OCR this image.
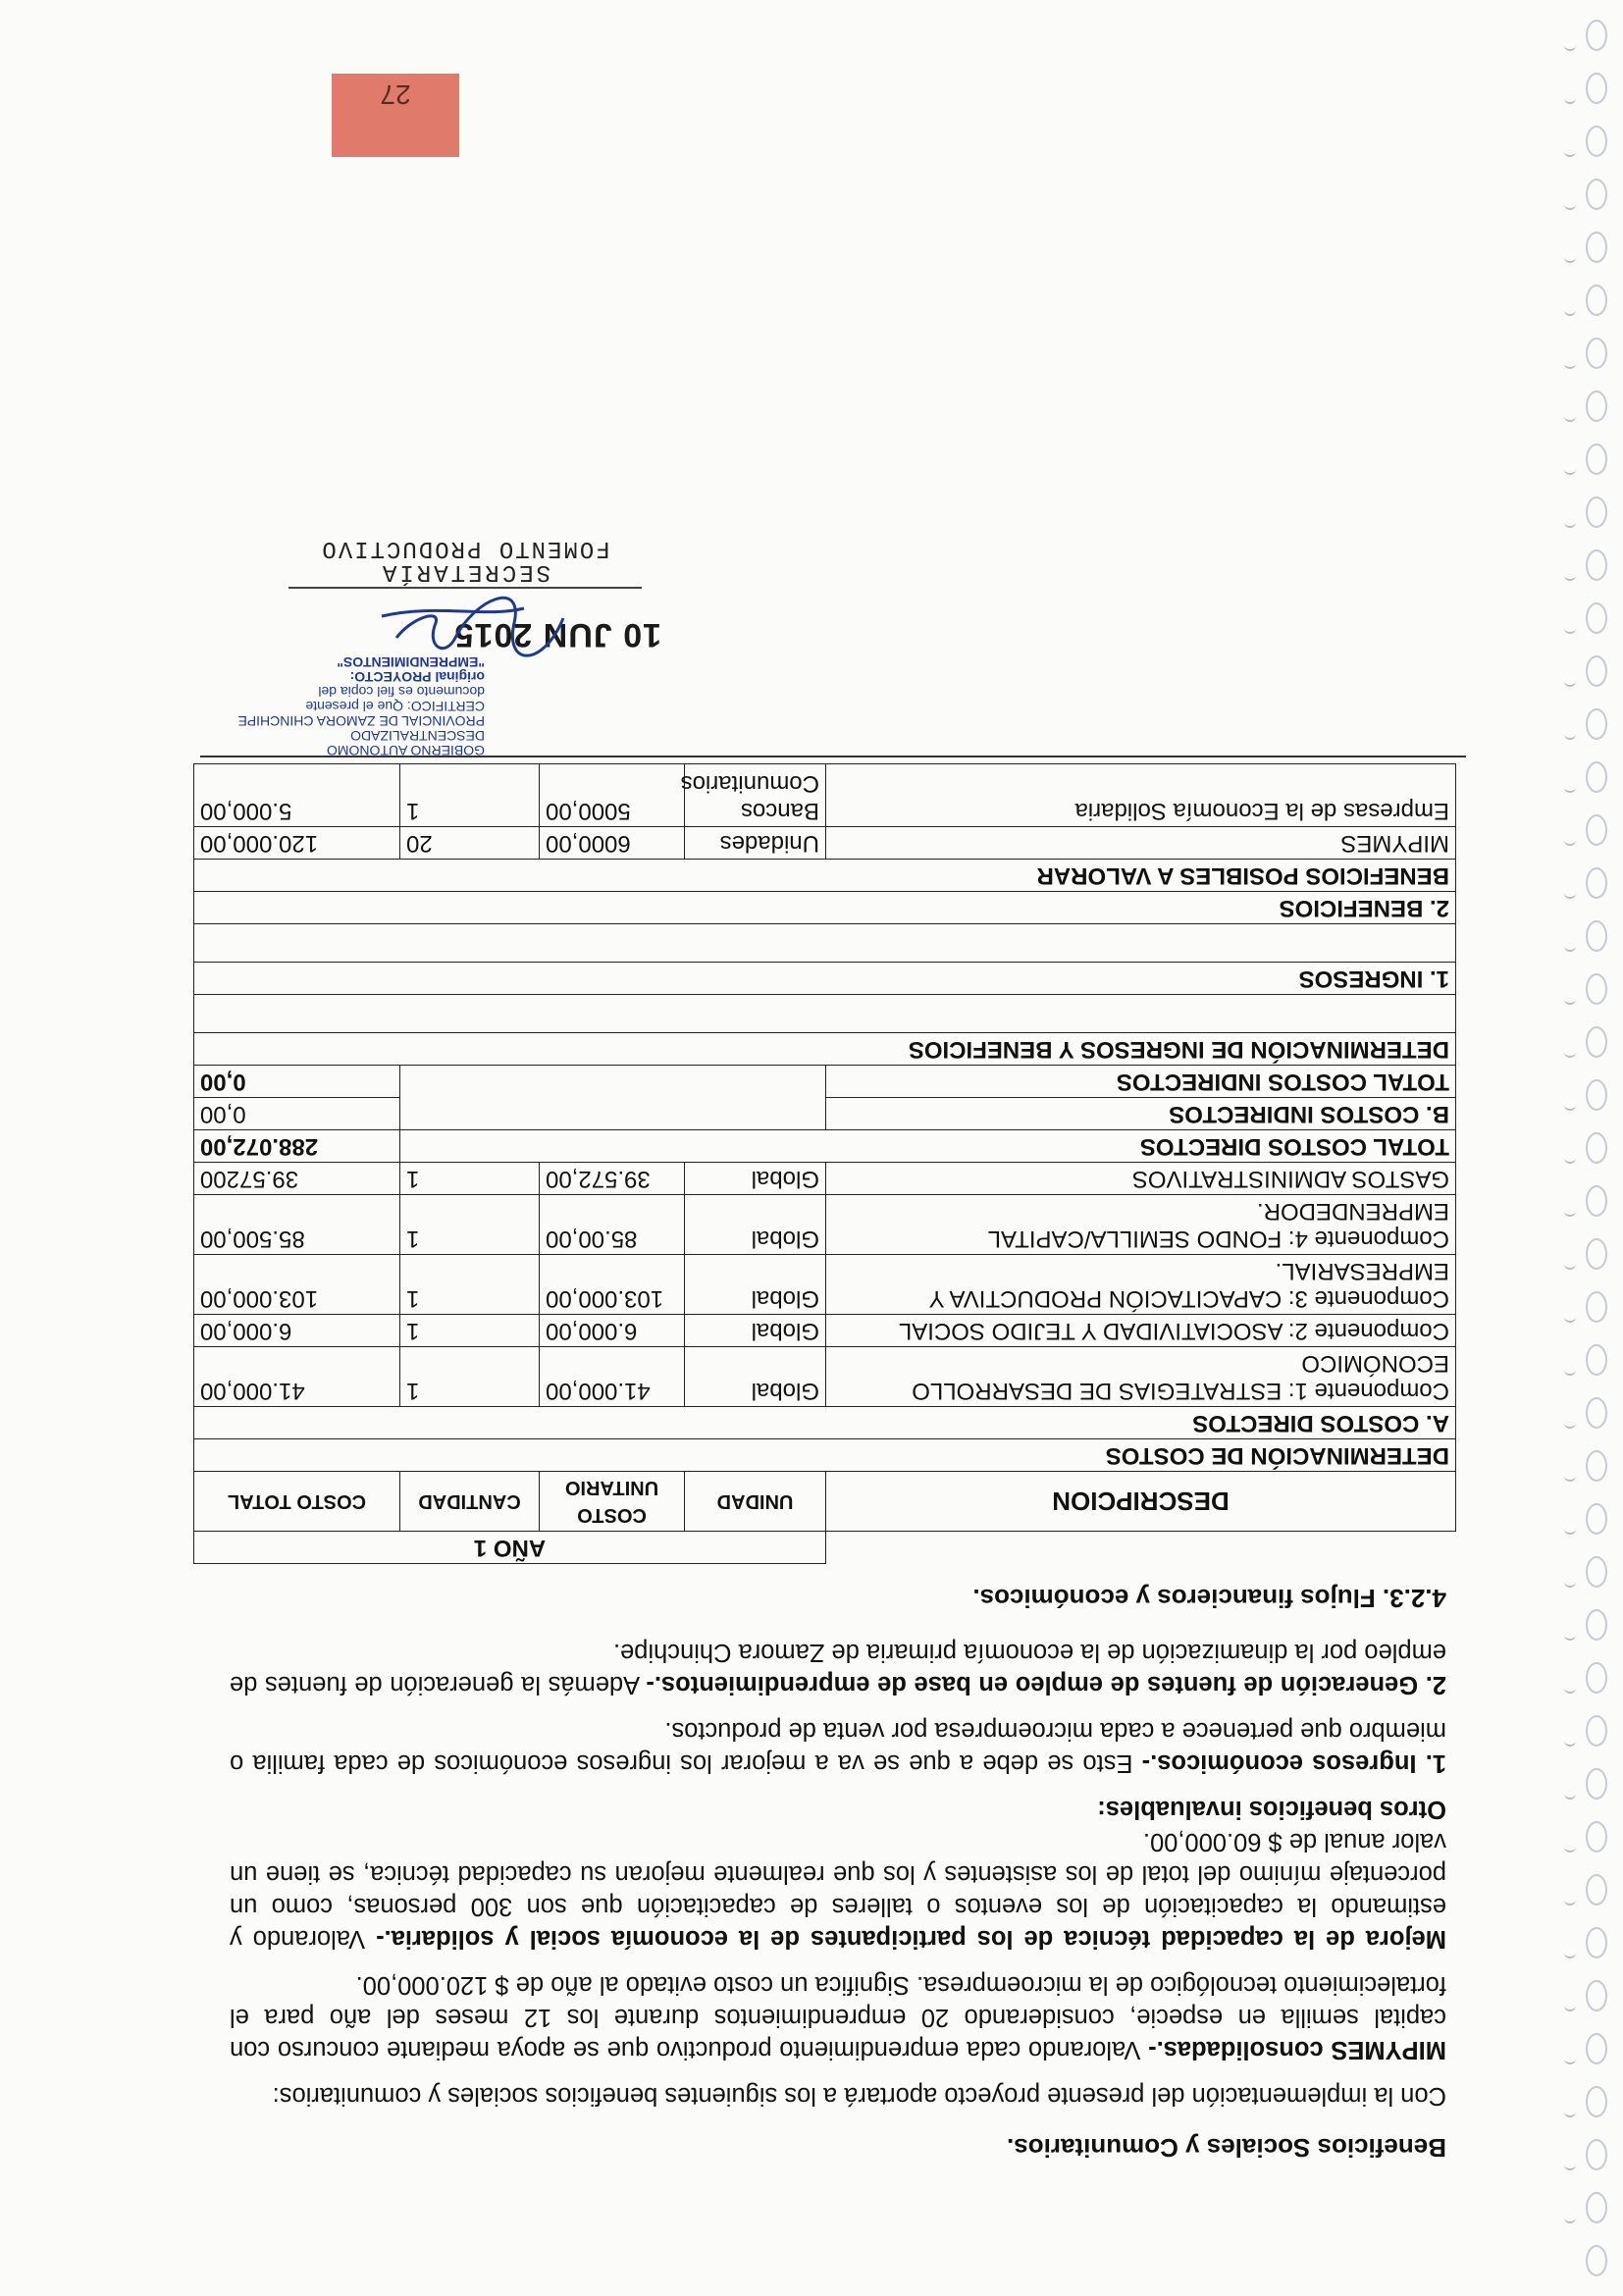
Beneficios Sociales y Comunitarios.

Con la implementación del presente proyecto aportará a los siguientes beneficios sociales y comunitarios:

MIPYMES consolidadas.- Valorando cada emprendimiento productivo que se apoya mediante concurso con capital semilla en especie, considerando 20 emprendimientos durante los 12 meses del año para el fortalecimiento tecnológico de la microempresa. Significa un costo evitado al año de $ 120.000,00.

Mejora de la capacidad técnica de los participantes de la economía social y solidaria.- Valorando y estimando la capacitación de los eventos o talleres de capacitación que son 300 personas, como un porcentaje mínimo del total de los asistentes y los que realmente mejoran su capacidad técnica, se tiene un valor anual de $ 60.000,00.

Otros beneficios invaluables:

1. Ingresos económicos.- Esto se debe a que se va a mejorar los ingresos económicos de cada familia o miembro que pertenece a cada microempresa por venta de productos.

2. Generación de fuentes de empleo en base de emprendimientos.- Además la generación de fuentes de empleo por la dinamización de la economía primaria de Zamora Chinchipe.

4.2.3. Flujos financieros y económicos.
	AÑO 1			
DESCRIPCION	UNIDAD	COSTO UNITARIO	CANTIDAD	COSTO TOTAL
DETERMINACIÓN DE COSTOS				
A. COSTOS DIRECTOS				
Componente 1: ESTRATEGIAS DE DESARROLLO ECONÓMICO	Global	41.000,00	1	41.000,00
Componente 2: ASOCIATIVIDAD Y TEJIDO SOCIAL	Global	6.000,00	1	6.000,00
Componente 3: CAPACITACIÓN PRODUCTIVA Y EMPRESARIAL.	Global	103.000,00	1	103.000,00
Componente 4: FONDO SEMILLA/CAPITAL EMPRENDEDOR.	Global	85.00,00	1	85.500,00
GASTOS ADMINISTRATIVOS	Global	39.572,00	1	39.57200
TOTAL COSTOS DIRECTOS				288.072,00
B. COSTOS INDIRECTOS				0,00
TOTAL COSTOS INDIRECTOS				0,00
DETERMINACIÓN DE INGRESOS Y BENEFICIOS				

1. INGRESOS				

2. BENEFICIOS				
BENEFICIOS POSIBLES A VALORAR				
MIPYMES	Unidades	6000,00	20	120.000,00
Empresas de la Economía Solidaria	Bancos Comunitarios	5000,00	1	5.000,00
GOBIERNO AUTÓNOMO DESCENTRALIZADO
PROVINCIAL DE ZAMORA CHINCHIPE
CERTIFICO: Que el presente
documento es fiel copia del
original PROYECTO: "EMPRENDIMIENTOS"
10 JUN 2015
SECRETARÍA
FOMENTO PRODUCTIVO
27
